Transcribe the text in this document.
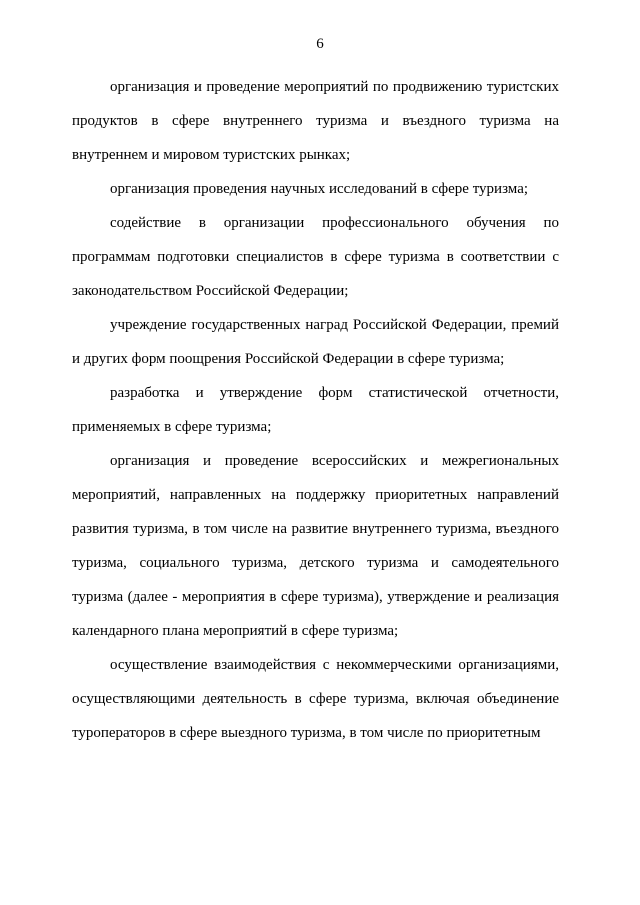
6

организация и проведение мероприятий по продвижению туристских продуктов в сфере внутреннего туризма и въездного туризма на внутреннем и мировом туристских рынках;

организация проведения научных исследований в сфере туризма;

содействие в организации профессионального обучения по программам подготовки специалистов в сфере туризма в соответствии с законодательством Российской Федерации;

учреждение государственных наград Российской Федерации, премий и других форм поощрения Российской Федерации в сфере туризма;

разработка и утверждение форм статистической отчетности, применяемых в сфере туризма;

организация и проведение всероссийских и межрегиональных мероприятий, направленных на поддержку приоритетных направлений развития туризма, в том числе на развитие внутреннего туризма, въездного туризма, социального туризма, детского туризма и самодеятельного туризма (далее - мероприятия в сфере туризма), утверждение и реализация календарного плана мероприятий в сфере туризма;

осуществление взаимодействия с некоммерческими организациями, осуществляющими деятельность в сфере туризма, включая объединение туроператоров в сфере выездного туризма, в том числе по приоритетным
